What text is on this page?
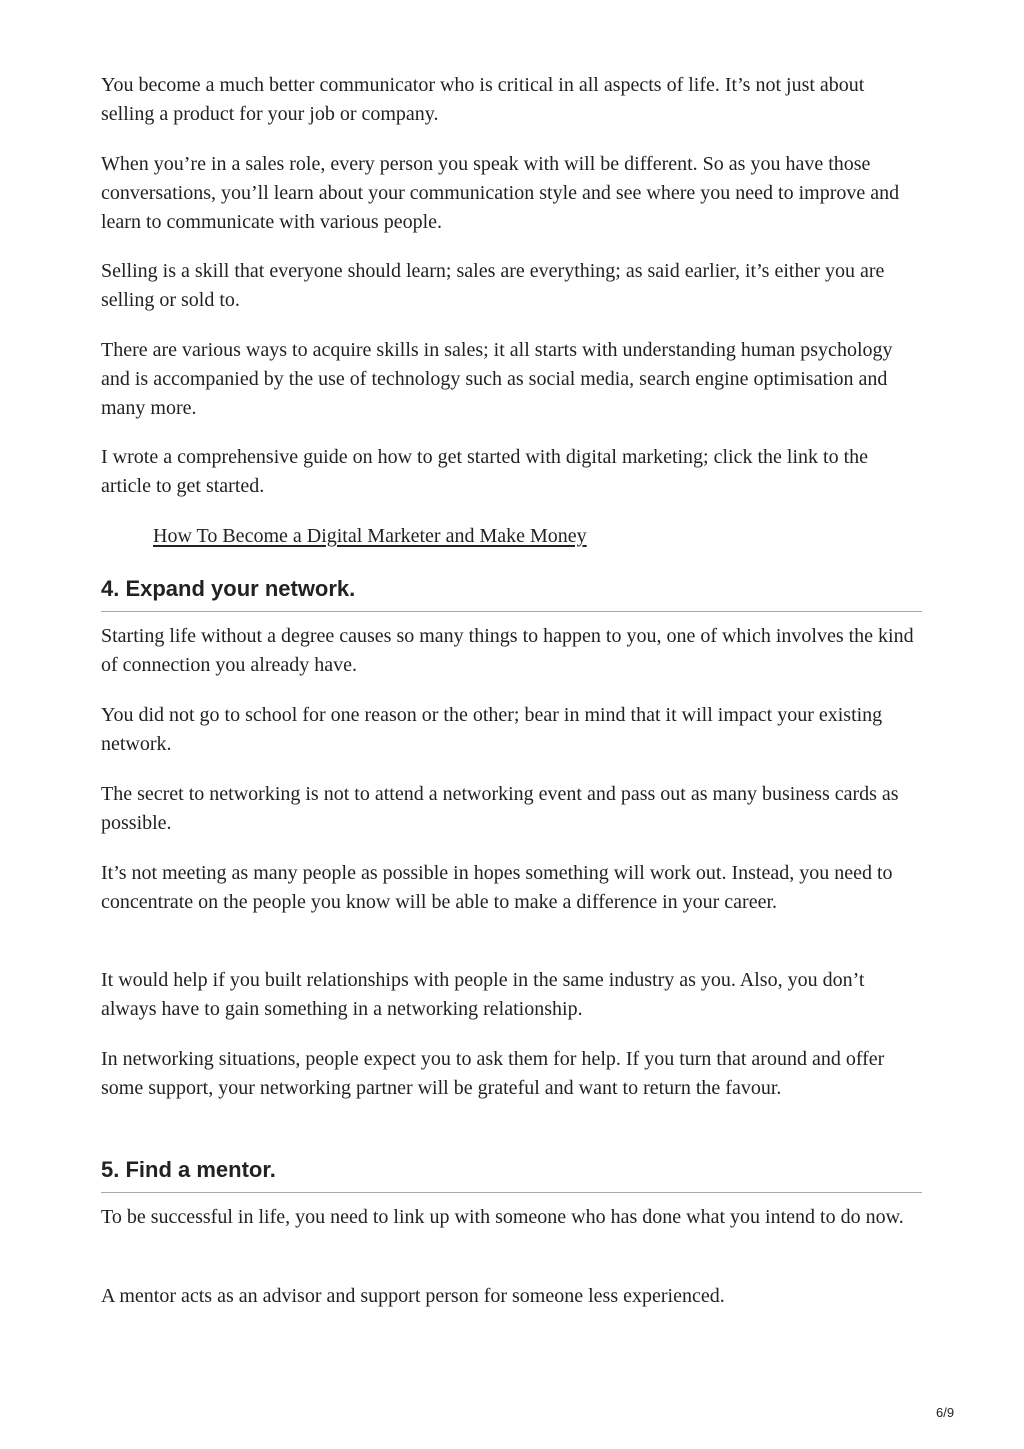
You become a much better communicator who is critical in all aspects of life. It’s not just about selling a product for your job or company.

When you’re in a sales role, every person you speak with will be different. So as you have those conversations, you’ll learn about your communication style and see where you need to improve and learn to communicate with various people.

Selling is a skill that everyone should learn; sales are everything; as said earlier, it’s either you are selling or sold to.

There are various ways to acquire skills in sales; it all starts with understanding human psychology and is accompanied by the use of technology such as social media, search engine optimisation and many more.

I wrote a comprehensive guide on how to get started with digital marketing; click the link to the article to get started.

How To Become a Digital Marketer and Make Money

4. Expand your network.

Starting life without a degree causes so many things to happen to you, one of which involves the kind of connection you already have.

You did not go to school for one reason or the other; bear in mind that it will impact your existing network.

The secret to networking is not to attend a networking event and pass out as many business cards as possible.

It’s not meeting as many people as possible in hopes something will work out. Instead, you need to concentrate on the people you know will be able to make a difference in your career.

It would help if you built relationships with people in the same industry as you. Also, you don’t always have to gain something in a networking relationship.

In networking situations, people expect you to ask them for help. If you turn that around and offer some support, your networking partner will be grateful and want to return the favour.

5. Find a mentor.

To be successful in life, you need to link up with someone who has done what you intend to do now.

A mentor acts as an advisor and support person for someone less experienced.

6/9
